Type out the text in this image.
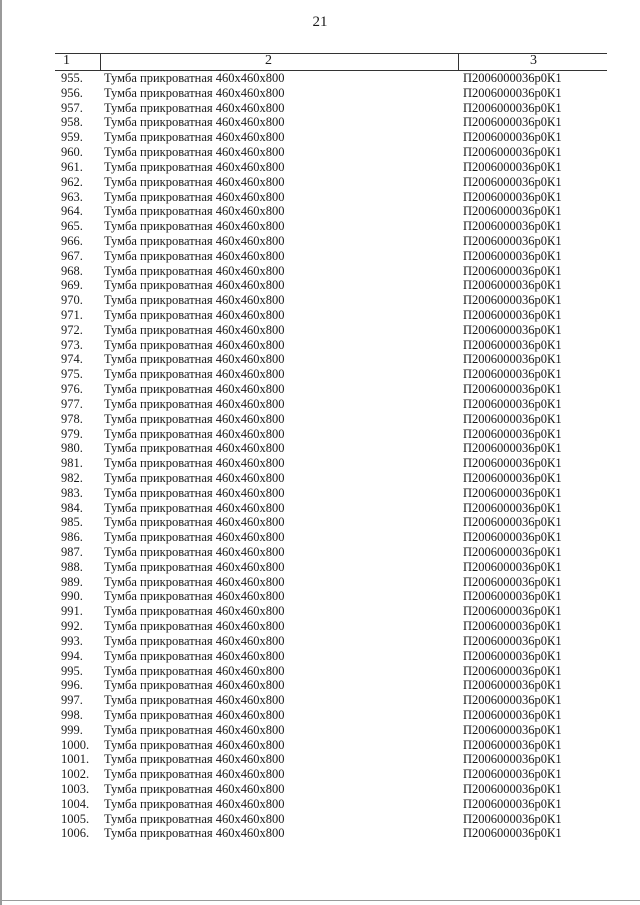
21
1	2	3
955. Тумба прикроватная 460х460х800	П2006000036р0К1
956. Тумба прикроватная 460х460х800	П2006000036р0К1
957. Тумба прикроватная 460х460х800	П2006000036р0К1
958. Тумба прикроватная 460х460х800	П2006000036р0К1
959. Тумба прикроватная 460х460х800	П2006000036р0К1
960. Тумба прикроватная 460х460х800	П2006000036р0К1
961. Тумба прикроватная 460х460х800	П2006000036р0К1
962. Тумба прикроватная 460х460х800	П2006000036р0К1
963. Тумба прикроватная 460х460х800	П2006000036р0К1
964. Тумба прикроватная 460х460х800	П2006000036р0К1
965. Тумба прикроватная 460х460х800	П2006000036р0К1
966. Тумба прикроватная 460х460х800	П2006000036р0К1
967. Тумба прикроватная 460х460х800	П2006000036р0К1
968. Тумба прикроватная 460х460х800	П2006000036р0К1
969. Тумба прикроватная 460х460х800	П2006000036р0К1
970. Тумба прикроватная 460х460х800	П2006000036р0К1
971. Тумба прикроватная 460х460х800	П2006000036р0К1
972. Тумба прикроватная 460х460х800	П2006000036р0К1
973. Тумба прикроватная 460х460х800	П2006000036р0К1
974. Тумба прикроватная 460х460х800	П2006000036р0К1
975. Тумба прикроватная 460х460х800	П2006000036р0К1
976. Тумба прикроватная 460х460х800	П2006000036р0К1
977. Тумба прикроватная 460х460х800	П2006000036р0К1
978. Тумба прикроватная 460х460х800	П2006000036р0К1
979. Тумба прикроватная 460х460х800	П2006000036р0К1
980. Тумба прикроватная 460х460х800	П2006000036р0К1
981. Тумба прикроватная 460х460х800	П2006000036р0К1
982. Тумба прикроватная 460х460х800	П2006000036р0К1
983. Тумба прикроватная 460х460х800	П2006000036р0К1
984. Тумба прикроватная 460х460х800	П2006000036р0К1
985. Тумба прикроватная 460х460х800	П2006000036р0К1
986. Тумба прикроватная 460х460х800	П2006000036р0К1
987. Тумба прикроватная 460х460х800	П2006000036р0К1
988. Тумба прикроватная 460х460х800	П2006000036р0К1
989. Тумба прикроватная 460х460х800	П2006000036р0К1
990. Тумба прикроватная 460х460х800	П2006000036р0К1
991. Тумба прикроватная 460х460х800	П2006000036р0К1
992. Тумба прикроватная 460х460х800	П2006000036р0К1
993. Тумба прикроватная 460х460х800	П2006000036р0К1
994. Тумба прикроватная 460х460х800	П2006000036р0К1
995. Тумба прикроватная 460х460х800	П2006000036р0К1
996. Тумба прикроватная 460х460х800	П2006000036р0К1
997. Тумба прикроватная 460х460х800	П2006000036р0К1
998. Тумба прикроватная 460х460х800	П2006000036р0К1
999. Тумба прикроватная 460х460х800	П2006000036р0К1
1000. Тумба прикроватная 460х460х800	П2006000036р0К1
1001. Тумба прикроватная 460х460х800	П2006000036р0К1
1002. Тумба прикроватная 460х460х800	П2006000036р0К1
1003. Тумба прикроватная 460х460х800	П2006000036р0К1
1004. Тумба прикроватная 460х460х800	П2006000036р0К1
1005. Тумба прикроватная 460х460х800	П2006000036р0К1
1006. Тумба прикроватная 460х460х800	П2006000036р0К1
